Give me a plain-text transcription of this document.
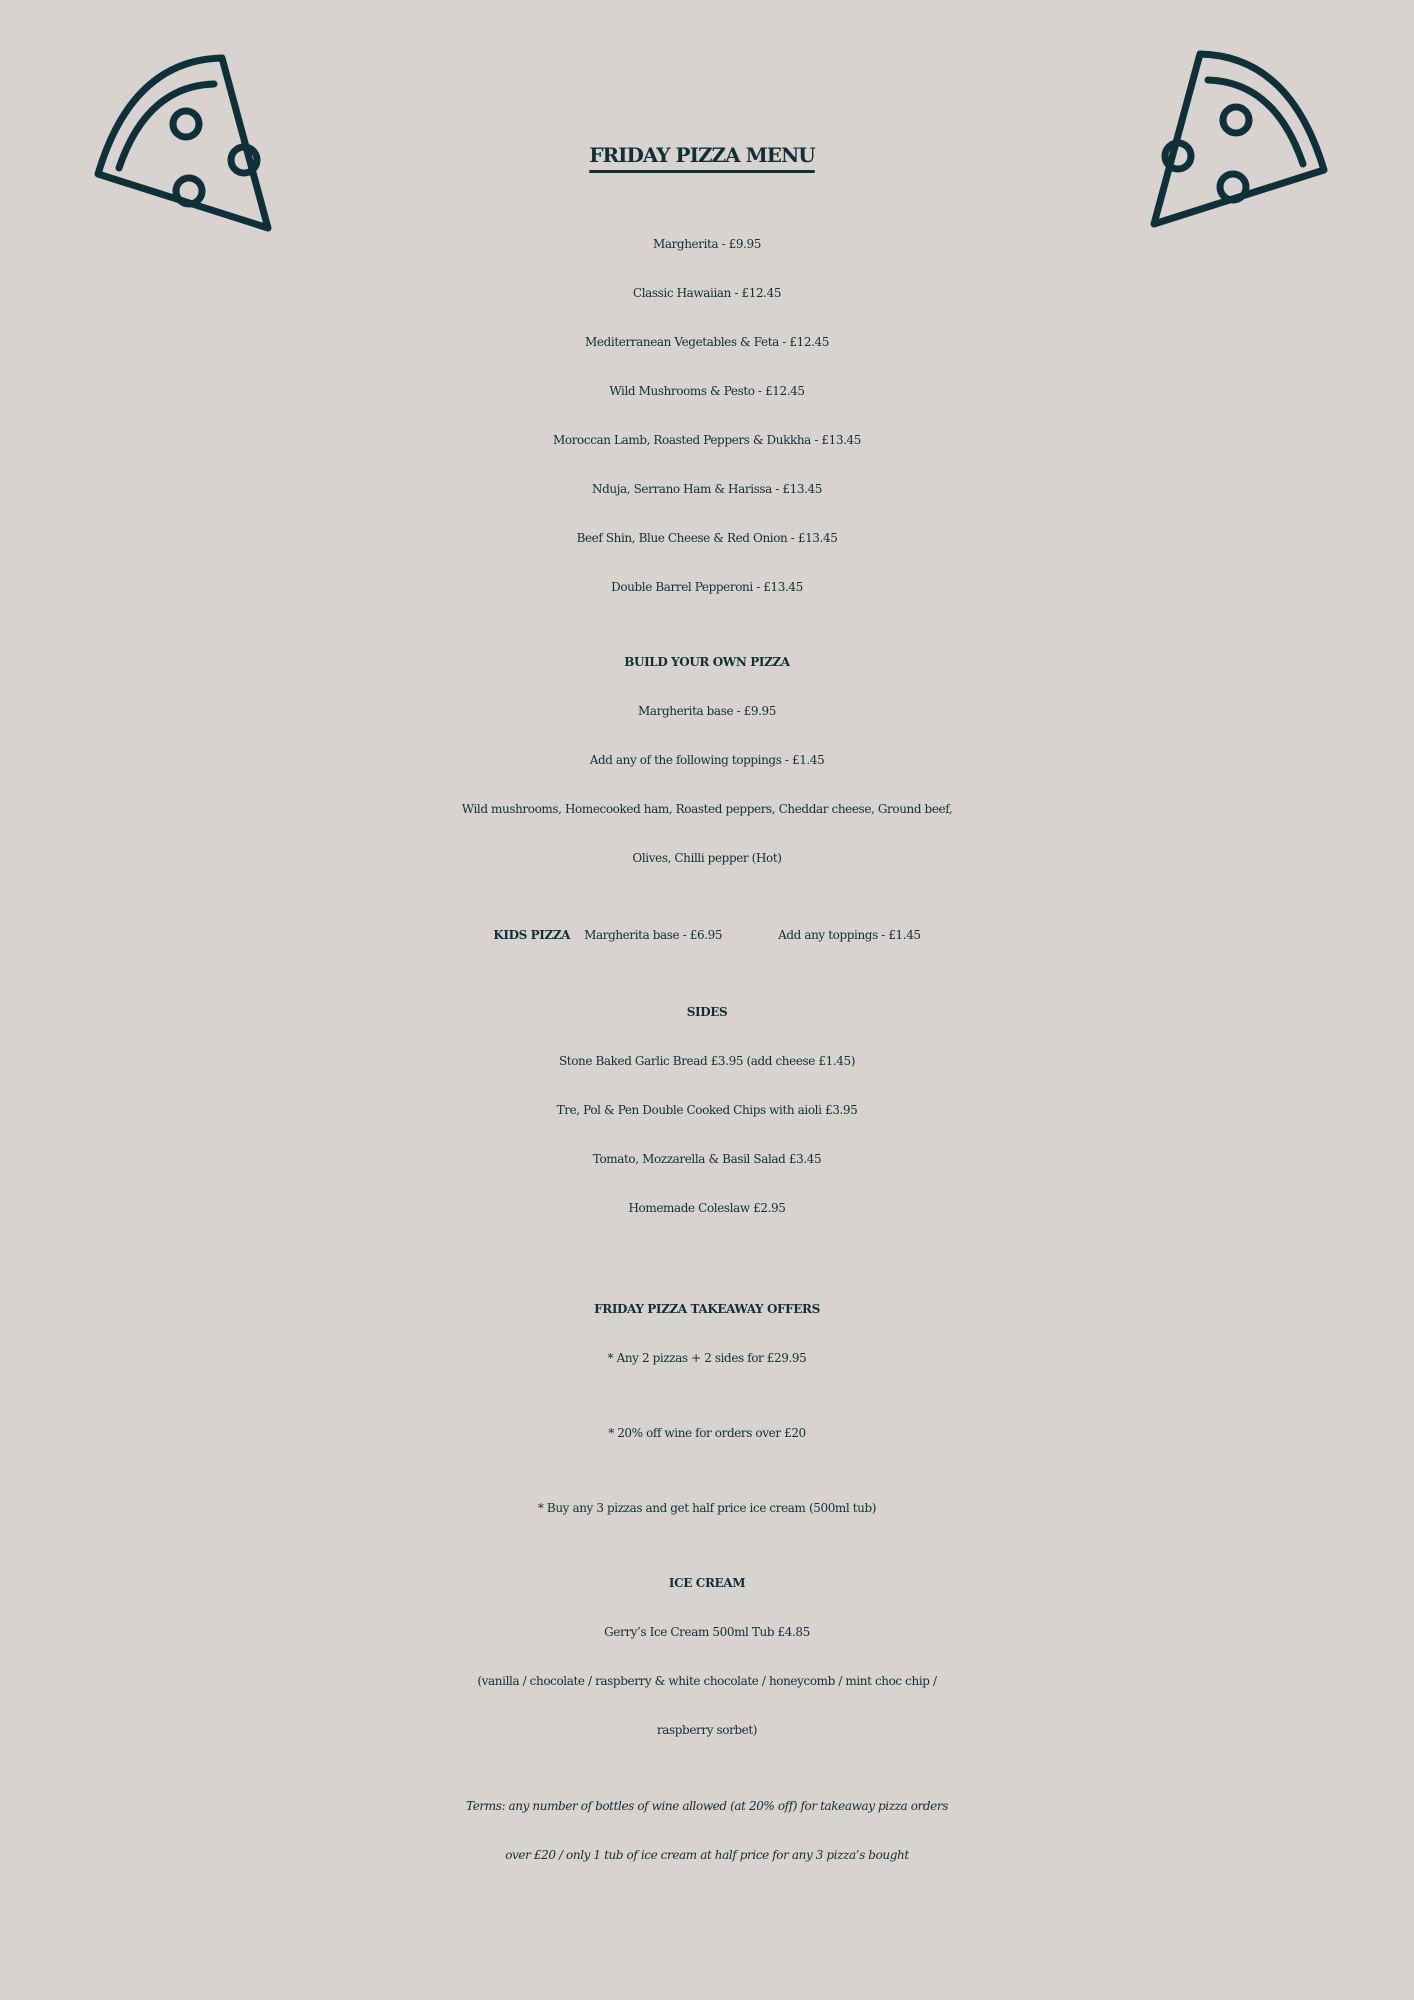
FRIDAY PIZZA MENU
Margherita - £9.95
Classic Hawaiian - £12.45
Mediterranean Vegetables & Feta - £12.45
Wild Mushrooms & Pesto - £12.45
Moroccan Lamb, Roasted Peppers & Dukkha - £13.45
Nduja, Serrano Ham & Harissa - £13.45
Beef Shin, Blue Cheese & Red Onion - £13.45
Double Barrel Pepperoni - £13.45
BUILD YOUR OWN PIZZA
Margherita base - £9.95
Add any of the following toppings - £1.45
Wild mushrooms, Homecooked ham, Roasted peppers, Cheddar cheese, Ground beef,
Olives, Chilli pepper (Hot)
KIDS PIZZA Margherita base - £6.95	Add any toppings - £1.45
SIDES
Stone Baked Garlic Bread £3.95 (add cheese £1.45)
Tre, Pol & Pen Double Cooked Chips with aioli £3.95
Tomato, Mozzarella & Basil Salad £3.45
Homemade Coleslaw £2.95
FRIDAY PIZZA TAKEAWAY OFFERS
* Any 2 pizzas + 2 sides for £29.95
* 20% off wine for orders over £20
* Buy any 3 pizzas and get half price ice cream (500ml tub)
ICE CREAM
Gerry’s Ice Cream 500ml Tub £4.85
(vanilla / chocolate / raspberry & white chocolate / honeycomb / mint choc chip /
raspberry sorbet)
Terms: any number of bottles of wine allowed (at 20% off) for takeaway pizza orders
over £20 / only 1 tub of ice cream at half price for any 3 pizza’s bought
